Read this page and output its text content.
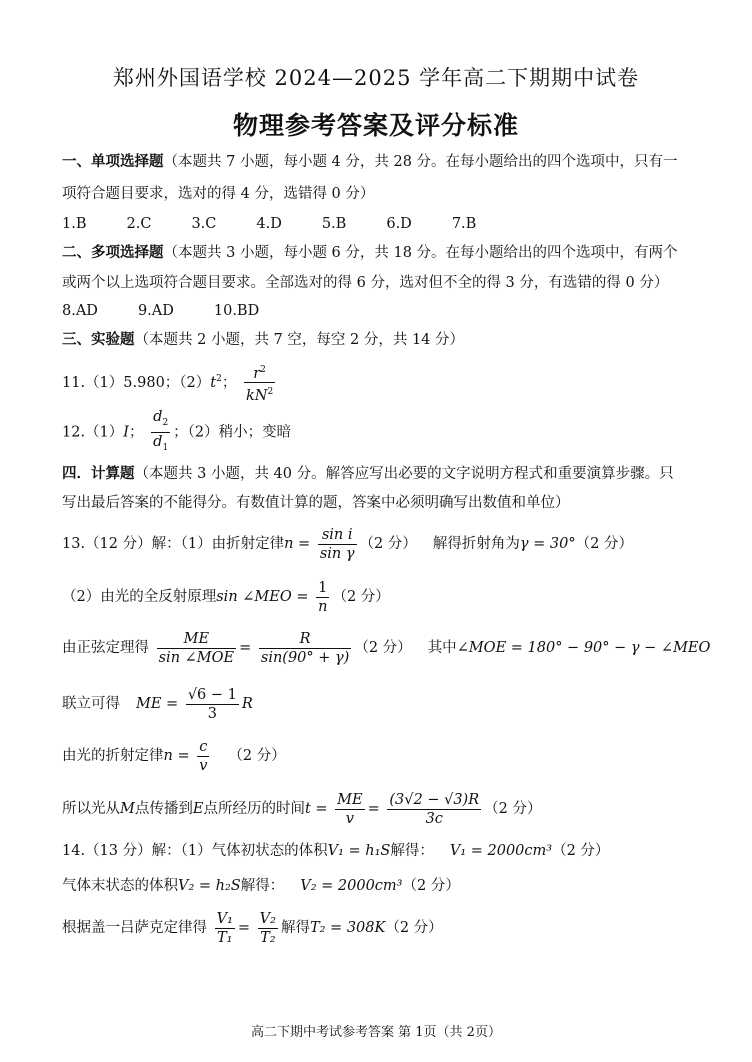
郑州外国语学校 2024—2025 学年高二下期期中试卷
物理参考答案及评分标准
一、单项选择题（本题共 7 小题，每小题 4 分，共 28 分。在每小题给出的四个选项中，只有一
项符合题目要求，选对的得 4 分，选错得 0 分）
1.B	2.C	3.C	4.D	5.B	6.D	7.B
二、多项选择题（本题共 3 小题，每小题 6 分，共 18 分。在每小题给出的四个选项中，有两个
或两个以上选项符合题目要求。全部选对的得 6 分，选对但不全的得 3 分，有选错的得 0 分）
8.AD	9.AD	10.BD
三、实验题（本题共 2 小题，共 7 空，每空 2 分，共 14 分）
11.（1）5.980；$(2)t^2$； $\frac{r^2}{kN^2}$
12.（1）I； $\frac{d_2}{d_1}$ ；（2）稍小；变暗
四．计算题（本题共 3 小题，共 40 分。解答应写出必要的文字说明方程式和重要演算步骤。只
写出最后答案的不能得分。有数值计算的题，答案中必须明确写出数值和单位）
13.（12 分）解：（1）由折射定律$n = \frac{\text{sin i}}{\text{sin γ}} (2$ 分） 解得折射角为γ = 30°（2 分）
（2）由光的全反射原理sin ∠MEO = $\frac{1}{n} (2$ 分）
由正弦定理得 $\frac{ME}{\text{sin ∠MOE}} = \frac{R}{\sin(90^\circ + \gamma)} (2$ 分） 其中∠MOE = 180° − 90° − γ − ∠MEO
联立可得 ME = $\frac{√6 - 1}{3}$ R
由光的折射定律$n = \frac{c}{v} (2$ 分）
所以光从M点传播到E点所经历的时间$t = \frac{ME}{v} = \frac{(3√2 - √3)R}{3c} (2$ 分）
14.（13 分）解：（1）气体初状态的体积V₁ = h₁S解得： V₁ = 2000cm³（2 分）
气体末状态的体积V₂ = h₂S解得： V₂ = 2000cm³（2 分）
根据盖一吕萨克定律得 $\frac{\text{V₁}}{\text{T₁}} = \frac{\text{V₂}}{\text{T₂}}$ 解得T₂ = 308K（2 分）
高二下期中考试参考答案 第 1页（共 2页）
